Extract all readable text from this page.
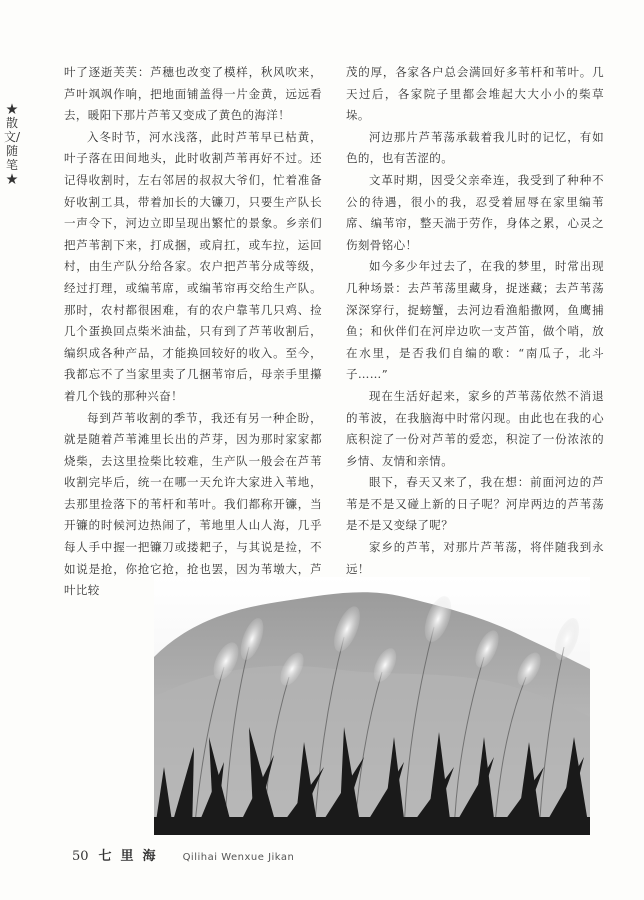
★散文/随笔★

叶了逐逝芙芙：芦穗也改变了模样，秋风吹来，芦叶飒飒作响，把地面铺盖得一片金黄，远远看去，暖阳下那片芦苇又变成了黄色的海洋！

入冬时节，河水浅落，此时芦苇早已枯黄，叶子落在田间地头，此时收割芦苇再好不过。还记得收割时，左右邻居的叔叔大爷们，忙着准备好收割工具，带着加长的大镰刀，只要生产队长一声令下，河边立即呈现出繁忙的景象。乡亲们把芦苇割下来，打成捆，或肩扛，或车拉，运回村，由生产队分给各家。农户把芦苇分成等级，经过打理，或编苇席，或编苇帘再交给生产队。那时，农村都很困难，有的农户靠苇几只鸡、捡几个蛋换回点柴米油盐，只有到了芦苇收割后，编织成各种产品，才能换回较好的收入。至今，我都忘不了当家里卖了几捆苇帘后，母亲手里攥着几个钱的那种兴奋！

每到芦苇收割的季节，我还有另一种企盼，就是随着芦苇滩里长出的芦芽，因为那时家家都烧柴，去这里捡柴比较难，生产队一般会在芦苇收割完毕后，统一在哪一天允许大家进入苇地，去那里捡落下的苇杆和苇叶。我们都称开镰，当开镰的时候河边热闹了，苇地里人山人海，几乎每人手中握一把镰刀或搂耙子，与其说是捡，不如说是抢，你抢它抢，抢也罢，因为苇墩大，芦叶比较

茂的厚，各家各户总会满回好多苇杆和苇叶。几天过后，各家院子里都会堆起大大小小的柴草垛。

河边那片芦苇荡承载着我儿时的记忆，有如色的，也有苦涩的。

文革时期，因受父亲牵连，我受到了种种不公的待遇，很小的我，忍受着屈辱在家里编苇席、编苇帘，整天湍于劳作，身体之累，心灵之伤刻骨铭心！

如今多少年过去了，在我的梦里，时常出现几种场景：去芦苇荡里藏身，捉迷藏；去芦苇荡深深穿行，捉螃蟹，去河边看渔船撒网，鱼鹰捕鱼；和伙伴们在河岸边吹一支芦笛，做个哨，放在水里，是否我们自编的歌：“南瓜子，北斗子……”

现在生活好起来，家乡的芦苇荡依然不消退的苇波，在我脑海中时常闪现。由此也在我的心底积淀了一份对芦苇的爱恋，积淀了一份浓浓的乡情、友情和亲情。

眼下，春天又来了，我在想：前面河边的芦苇是不是又碰上新的日子呢？河岸两边的芦苇荡是不是又变绿了呢？

家乡的芦苇，对那片芦苇荡，将伴随我到永远！

50 七里海 Qilihai Wenxue Jikan
